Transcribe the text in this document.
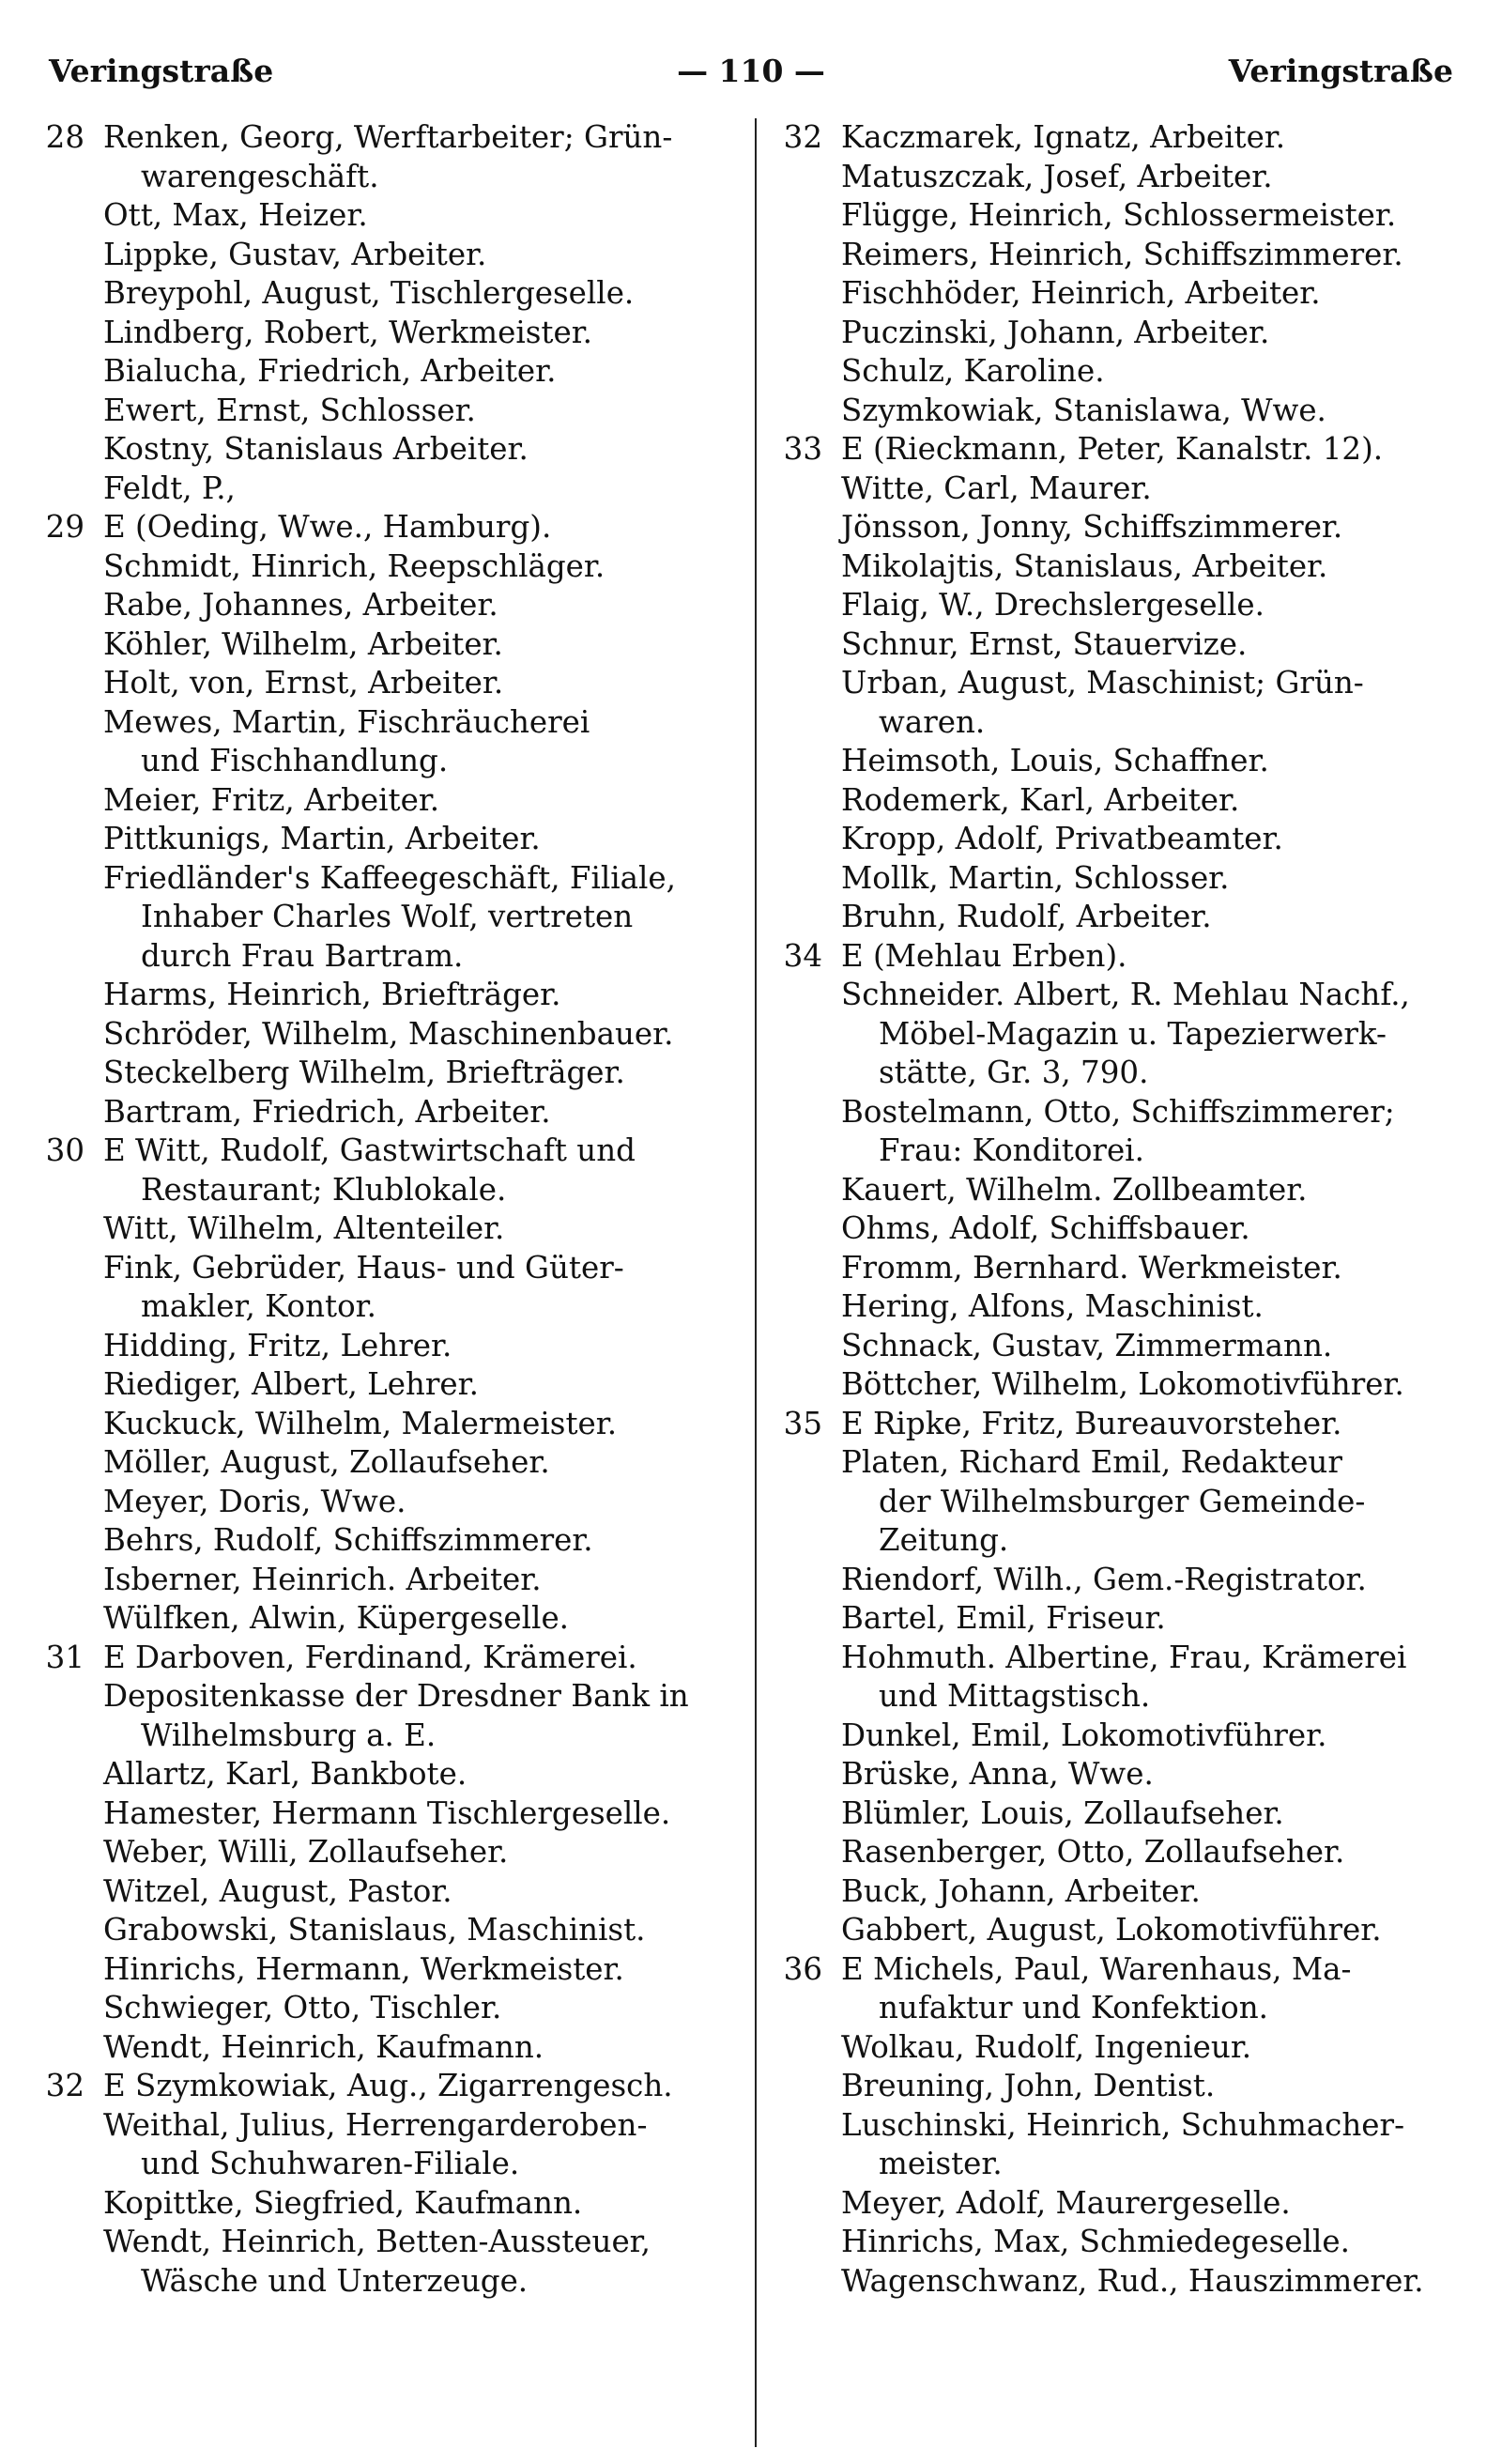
Veringstraße	— 110 —	Veringstraße
28 Renken, Georg, Werftarbeiter; Grün-
warengeschäft.
Ott, Max, Heizer.
Lippke, Gustav, Arbeiter.
Breypohl, August, Tischlergeselle.
Lindberg, Robert, Werkmeister.
Bialucha, Friedrich, Arbeiter.
Ewert, Ernst, Schlosser.
Kostny, Stanislaus Arbeiter.
Feldt, P.,
29 E (Oeding, Wwe., Hamburg).
Schmidt, Hinrich, Reepschläger.
Rabe, Johannes, Arbeiter.
Köhler, Wilhelm, Arbeiter.
Holt, von, Ernst, Arbeiter.
Mewes, Martin, Fischräucherei
und Fischhandlung.
Meier, Fritz, Arbeiter.
Pittkunigs, Martin, Arbeiter.
Friedländer's Kaffeegeschäft, Filiale,
Inhaber Charles Wolf, vertreten
durch Frau Bartram.
Harms, Heinrich, Briefträger.
Schröder, Wilhelm, Maschinenbauer.
Steckelberg Wilhelm, Briefträger.
Bartram, Friedrich, Arbeiter.
30 E Witt, Rudolf, Gastwirtschaft und
Restaurant; Klublokale.
Witt, Wilhelm, Altenteiler.
Fink, Gebrüder, Haus- und Güter-
makler, Kontor.
Hidding, Fritz, Lehrer.
Riediger, Albert, Lehrer.
Kuckuck, Wilhelm, Malermeister.
Möller, August, Zollaufseher.
Meyer, Doris, Wwe.
Behrs, Rudolf, Schiffszimmerer.
Isberner, Heinrich. Arbeiter.
Wülfken, Alwin, Küpergeselle.
31 E Darboven, Ferdinand, Krämerei.
Depositenkasse der Dresdner Bank in
Wilhelmsburg a. E.
Allartz, Karl, Bankbote.
Hamester, Hermann Tischlergeselle.
Weber, Willi, Zollaufseher.
Witzel, August, Pastor.
Grabowski, Stanislaus, Maschinist.
Hinrichs, Hermann, Werkmeister.
Schwieger, Otto, Tischler.
Wendt, Heinrich, Kaufmann.
32 E Szymkowiak, Aug., Zigarrengesch.
Weithal, Julius, Herrengarderoben-
und Schuhwaren-Filiale.
Kopittke, Siegfried, Kaufmann.
Wendt, Heinrich, Betten-Aussteuer,
Wäsche und Unterzeuge.
32 Kaczmarek, Ignatz, Arbeiter.
Matuszczak, Josef, Arbeiter.
Flügge, Heinrich, Schlossermeister.
Reimers, Heinrich, Schiffszimmerer.
Fischhöder, Heinrich, Arbeiter.
Puczinski, Johann, Arbeiter.
Schulz, Karoline.
Szymkowiak, Stanislawa, Wwe.
33 E (Rieckmann, Peter, Kanalstr. 12).
Witte, Carl, Maurer.
Jönsson, Jonny, Schiffszimmerer.
Mikolajtis, Stanislaus, Arbeiter.
Flaig, W., Drechslergeselle.
Schnur, Ernst, Stauervize.
Urban, August, Maschinist; Grün-
waren.
Heimsoth, Louis, Schaffner.
Rodemerk, Karl, Arbeiter.
Kropp, Adolf, Privatbeamter.
Mollk, Martin, Schlosser.
Bruhn, Rudolf, Arbeiter.
34 E (Mehlau Erben).
Schneider. Albert, R. Mehlau Nachf.,
Möbel-Magazin u. Tapezierwerk-
stätte, Gr. 3, 790.
Bostelmann, Otto, Schiffszimmerer;
Frau: Konditorei.
Kauert, Wilhelm. Zollbeamter.
Ohms, Adolf, Schiffsbauer.
Fromm, Bernhard. Werkmeister.
Hering, Alfons, Maschinist.
Schnack, Gustav, Zimmermann.
Böttcher, Wilhelm, Lokomotivführer.
35 E Ripke, Fritz, Bureauvorsteher.
Platen, Richard Emil, Redakteur
der Wilhelmsburger Gemeinde-
Zeitung.
Riendorf, Wilh., Gem.-Registrator.
Bartel, Emil, Friseur.
Hohmuth. Albertine, Frau, Krämerei
und Mittagstisch.
Dunkel, Emil, Lokomotivführer.
Brüske, Anna, Wwe.
Blümler, Louis, Zollaufseher.
Rasenberger, Otto, Zollaufseher.
Buck, Johann, Arbeiter.
Gabbert, August, Lokomotivführer.
36 E Michels, Paul, Warenhaus, Ma-
nufaktur und Konfektion.
Wolkau, Rudolf, Ingenieur.
Breuning, John, Dentist.
Luschinski, Heinrich, Schuhmacher-
meister.
Meyer, Adolf, Maurergeselle.
Hinrichs, Max, Schmiedegeselle.
Wagenschwanz, Rud., Hauszimmerer.
